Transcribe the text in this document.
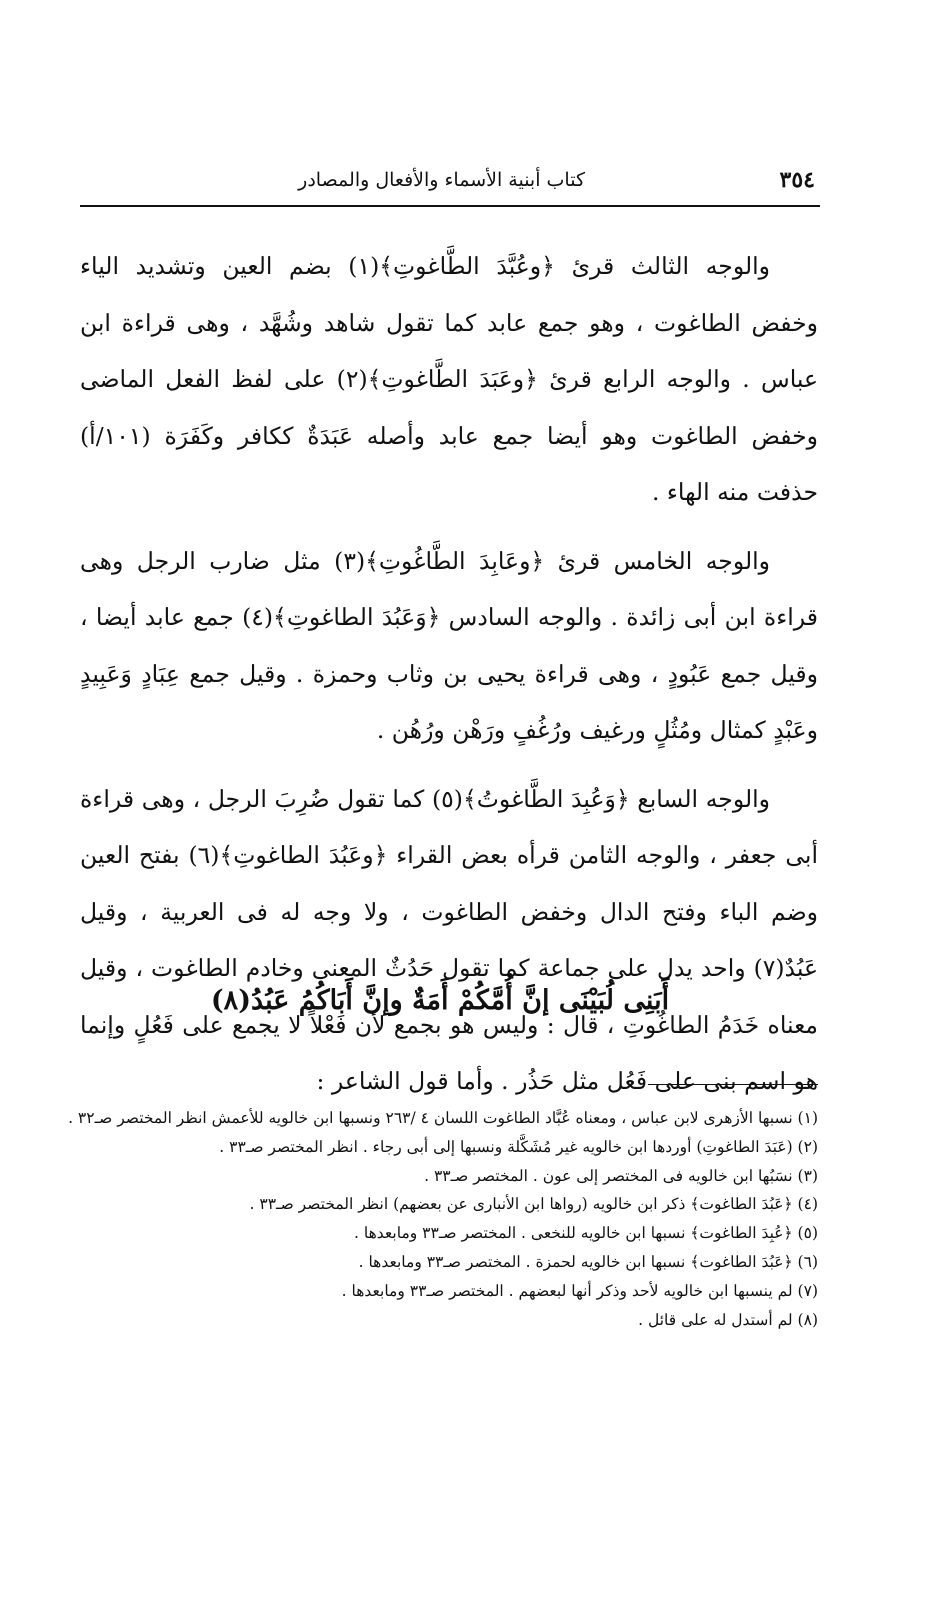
٣٥٤
كتاب أبنية الأسماء والأفعال والمصادر

والوجه الثالث قرئ ﴿وعُبَّدَ الطَّاغوتِ﴾(١) بضم العين وتشديد الياء وخفض الطاغوت ، وهو جمع عابد كما تقول شاهد وشُهَّد ، وهى قراءة ابن عباس . والوجه الرابع قرئ ﴿وعَبَدَ الطَّاغوتِ﴾(٢) على لفظ الفعل الماضى وخفض الطاغوت وهو أيضا جمع عابد وأصله عَبَدَةٌ ككافر وكَفَرَة (١٠١/أ) حذفت منه الهاء .

والوجه الخامس قرئ ﴿وعَابِدَ الطَّاغُوتِ﴾(٣) مثل ضارب الرجل وهى قراءة ابن أبى زائدة . والوجه السادس ﴿وَعَبُدَ الطاغوتِ﴾(٤) جمع عابد أيضا ، وقيل جمع عَبُودٍ ، وهى قراءة يحيى بن وثاب وحمزة . وقيل جمع عِبَادٍ وَعَبِيدٍ وعَبْدٍ كمثال ومُثُلٍ ورغيف ورُغُفٍ ورَهْن ورُهُن .

والوجه السابع ﴿وَعُبِدَ الطَّاغوتُ﴾(٥) كما تقول ضُرِبَ الرجل ، وهى قراءة أبى جعفر ، والوجه الثامن قرأه بعض القراء ﴿وعَبُدَ الطاغوتِ﴾(٦) بفتح العين وضم الباء وفتح الدال وخفض الطاغوت ، ولا وجه له فى العربية ، وقيل عَبُدٌ(٧) واحد يدل على جماعة كما تقول حَدُثٌ المعنى وخادم الطاغوت ، وقيل معناه خَدَمُ الطاغُوتِ ، قال : وليس هو بجمع لأن فَعْلاً لا يجمع على فَعُلٍ وإنما هو اسم بنى على فَعُل مثل حَذُر . وأما قول الشاعر :

أَبَنِى لُبَيْنَى إنَّ أُمَّكُمْ أَمَةٌ وإنَّ أَبَاكُمُ عَبُدُ(٨)

(١) نسبها الأزهرى لابن عباس ، ومعناه عُبَّاد الطاغوت اللسان ٤ /٢٦٣ ونسبها ابن خالويه للأعمش انظر المختصر صـ٣٢ .

(٢) (عَبَدَ الطاغوتِ) أوردها ابن خالويه غير مُشَكَّلة ونسبها إلى أبى رجاء . انظر المختصر صـ٣٣ .

(٣) نسَبُها ابن خالويه فى المختصر إلى عون . المختصر صـ٣٣ .

(٤) ﴿عَبُدَ الطاغوت﴾ ذكر ابن خالويه (رواها ابن الأنبارى عن بعضهم) انظر المختصر صـ٣٣ .

(٥) ﴿عُبِدَ الطاغوت﴾ نسبها ابن خالويه للنخعى . المختصر صـ٣٣ ومابعدها .

(٦) ﴿عَبُدَ الطاغوت﴾ نسبها ابن خالويه لحمزة . المختصر صـ٣٣ ومابعدها .

(٧) لم ينسبها ابن خالويه لأحد وذكر أنها لبعضهم . المختصر صـ٣٣ ومابعدها .

(٨) لم أستدل له على قائل .
